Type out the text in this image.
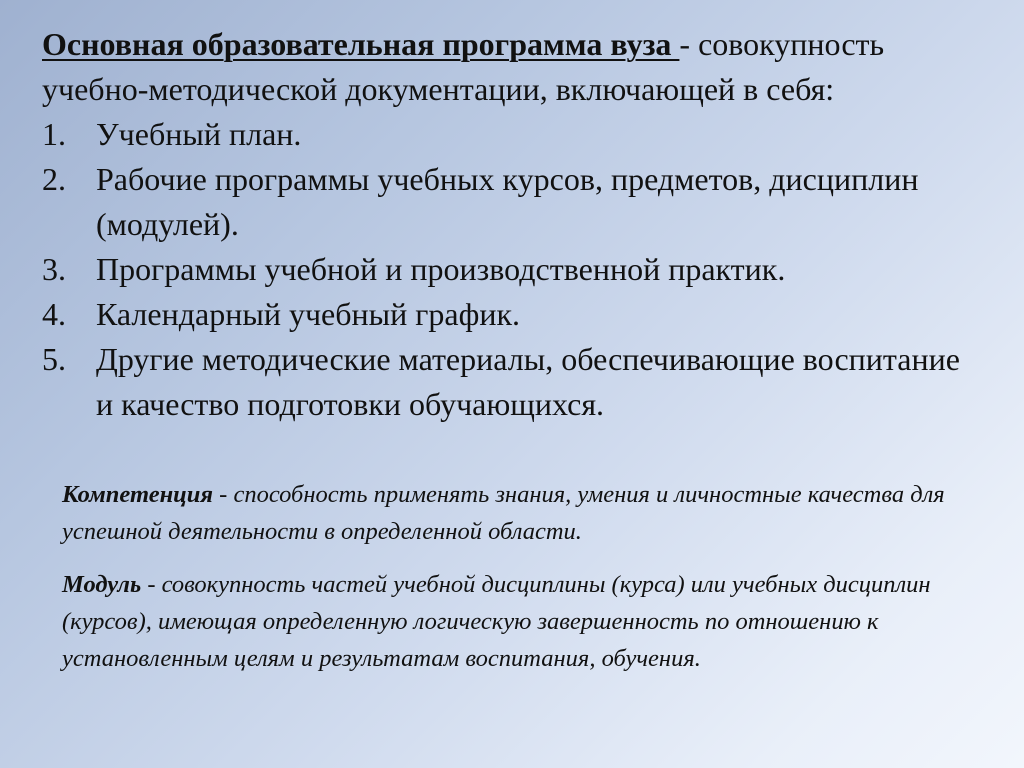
Основная образовательная программа вуза - совокупность учебно-методической документации, включающей в себя:
1. Учебный план.
2. Рабочие программы учебных курсов, предметов, дисциплин (модулей).
3. Программы учебной и производственной практик.
4. Календарный учебный график.
5. Другие методические материалы, обеспечивающие воспитание и качество подготовки обучающихся.

Компетенция - способность применять знания, умения и личностные качества для успешной деятельности в определенной области.

Модуль - совокупность частей учебной дисциплины (курса) или учебных дисциплин (курсов), имеющая определенную логическую завершенность по отношению к установленным целям и результатам воспитания, обучения.
